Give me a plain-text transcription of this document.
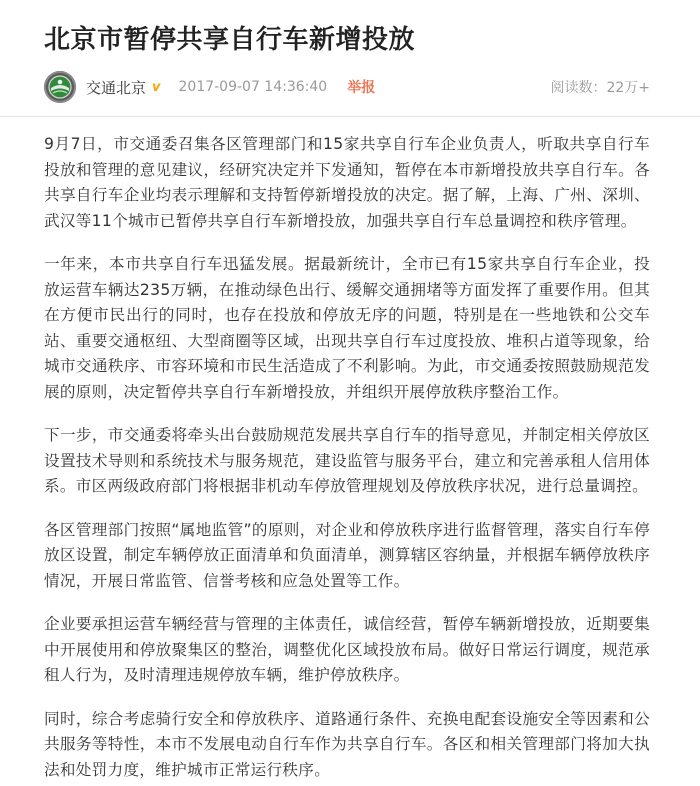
北京市暂停共享自行车新增投放
交通北京 v 2017-09-07 14:36:40 举报	阅读数：22万+

9月7日，市交通委召集各区管理部门和15家共享自行车企业负责人，听取共享自行车投放和管理的意见建议，经研究决定并下发通知，暂停在本市新增投放共享自行车。各共享自行车企业均表示理解和支持暂停新增投放的决定。据了解，上海、广州、深圳、武汉等11个城市已暂停共享自行车新增投放，加强共享自行车总量调控和秩序管理。

一年来，本市共享自行车迅猛发展。据最新统计，全市已有15家共享自行车企业，投放运营车辆达235万辆，在推动绿色出行、缓解交通拥堵等方面发挥了重要作用。但其在方便市民出行的同时，也存在投放和停放无序的问题，特别是在一些地铁和公交车站、重要交通枢纽、大型商圈等区域，出现共享自行车过度投放、堆积占道等现象，给城市交通秩序、市容环境和市民生活造成了不利影响。为此，市交通委按照鼓励规范发展的原则，决定暂停共享自行车新增投放，并组织开展停放秩序整治工作。

下一步，市交通委将牵头出台鼓励规范发展共享自行车的指导意见，并制定相关停放区设置技术导则和系统技术与服务规范，建设监管与服务平台，建立和完善承租人信用体系。市区两级政府部门将根据非机动车停放管理规划及停放秩序状况，进行总量调控。

各区管理部门按照“属地监管”的原则，对企业和停放秩序进行监督管理，落实自行车停放区设置，制定车辆停放正面清单和负面清单，测算辖区容纳量，并根据车辆停放秩序情况，开展日常监管、信誉考核和应急处置等工作。

企业要承担运营车辆经营与管理的主体责任，诚信经营，暂停车辆新增投放，近期要集中开展使用和停放聚集区的整治，调整优化区域投放布局。做好日常运行调度，规范承租人行为，及时清理违规停放车辆，维护停放秩序。

同时，综合考虑骑行安全和停放秩序、道路通行条件、充换电配套设施安全等因素和公共服务等特性，本市不发展电动自行车作为共享自行车。各区和相关管理部门将加大执法和处罚力度，维护城市正常运行秩序。
